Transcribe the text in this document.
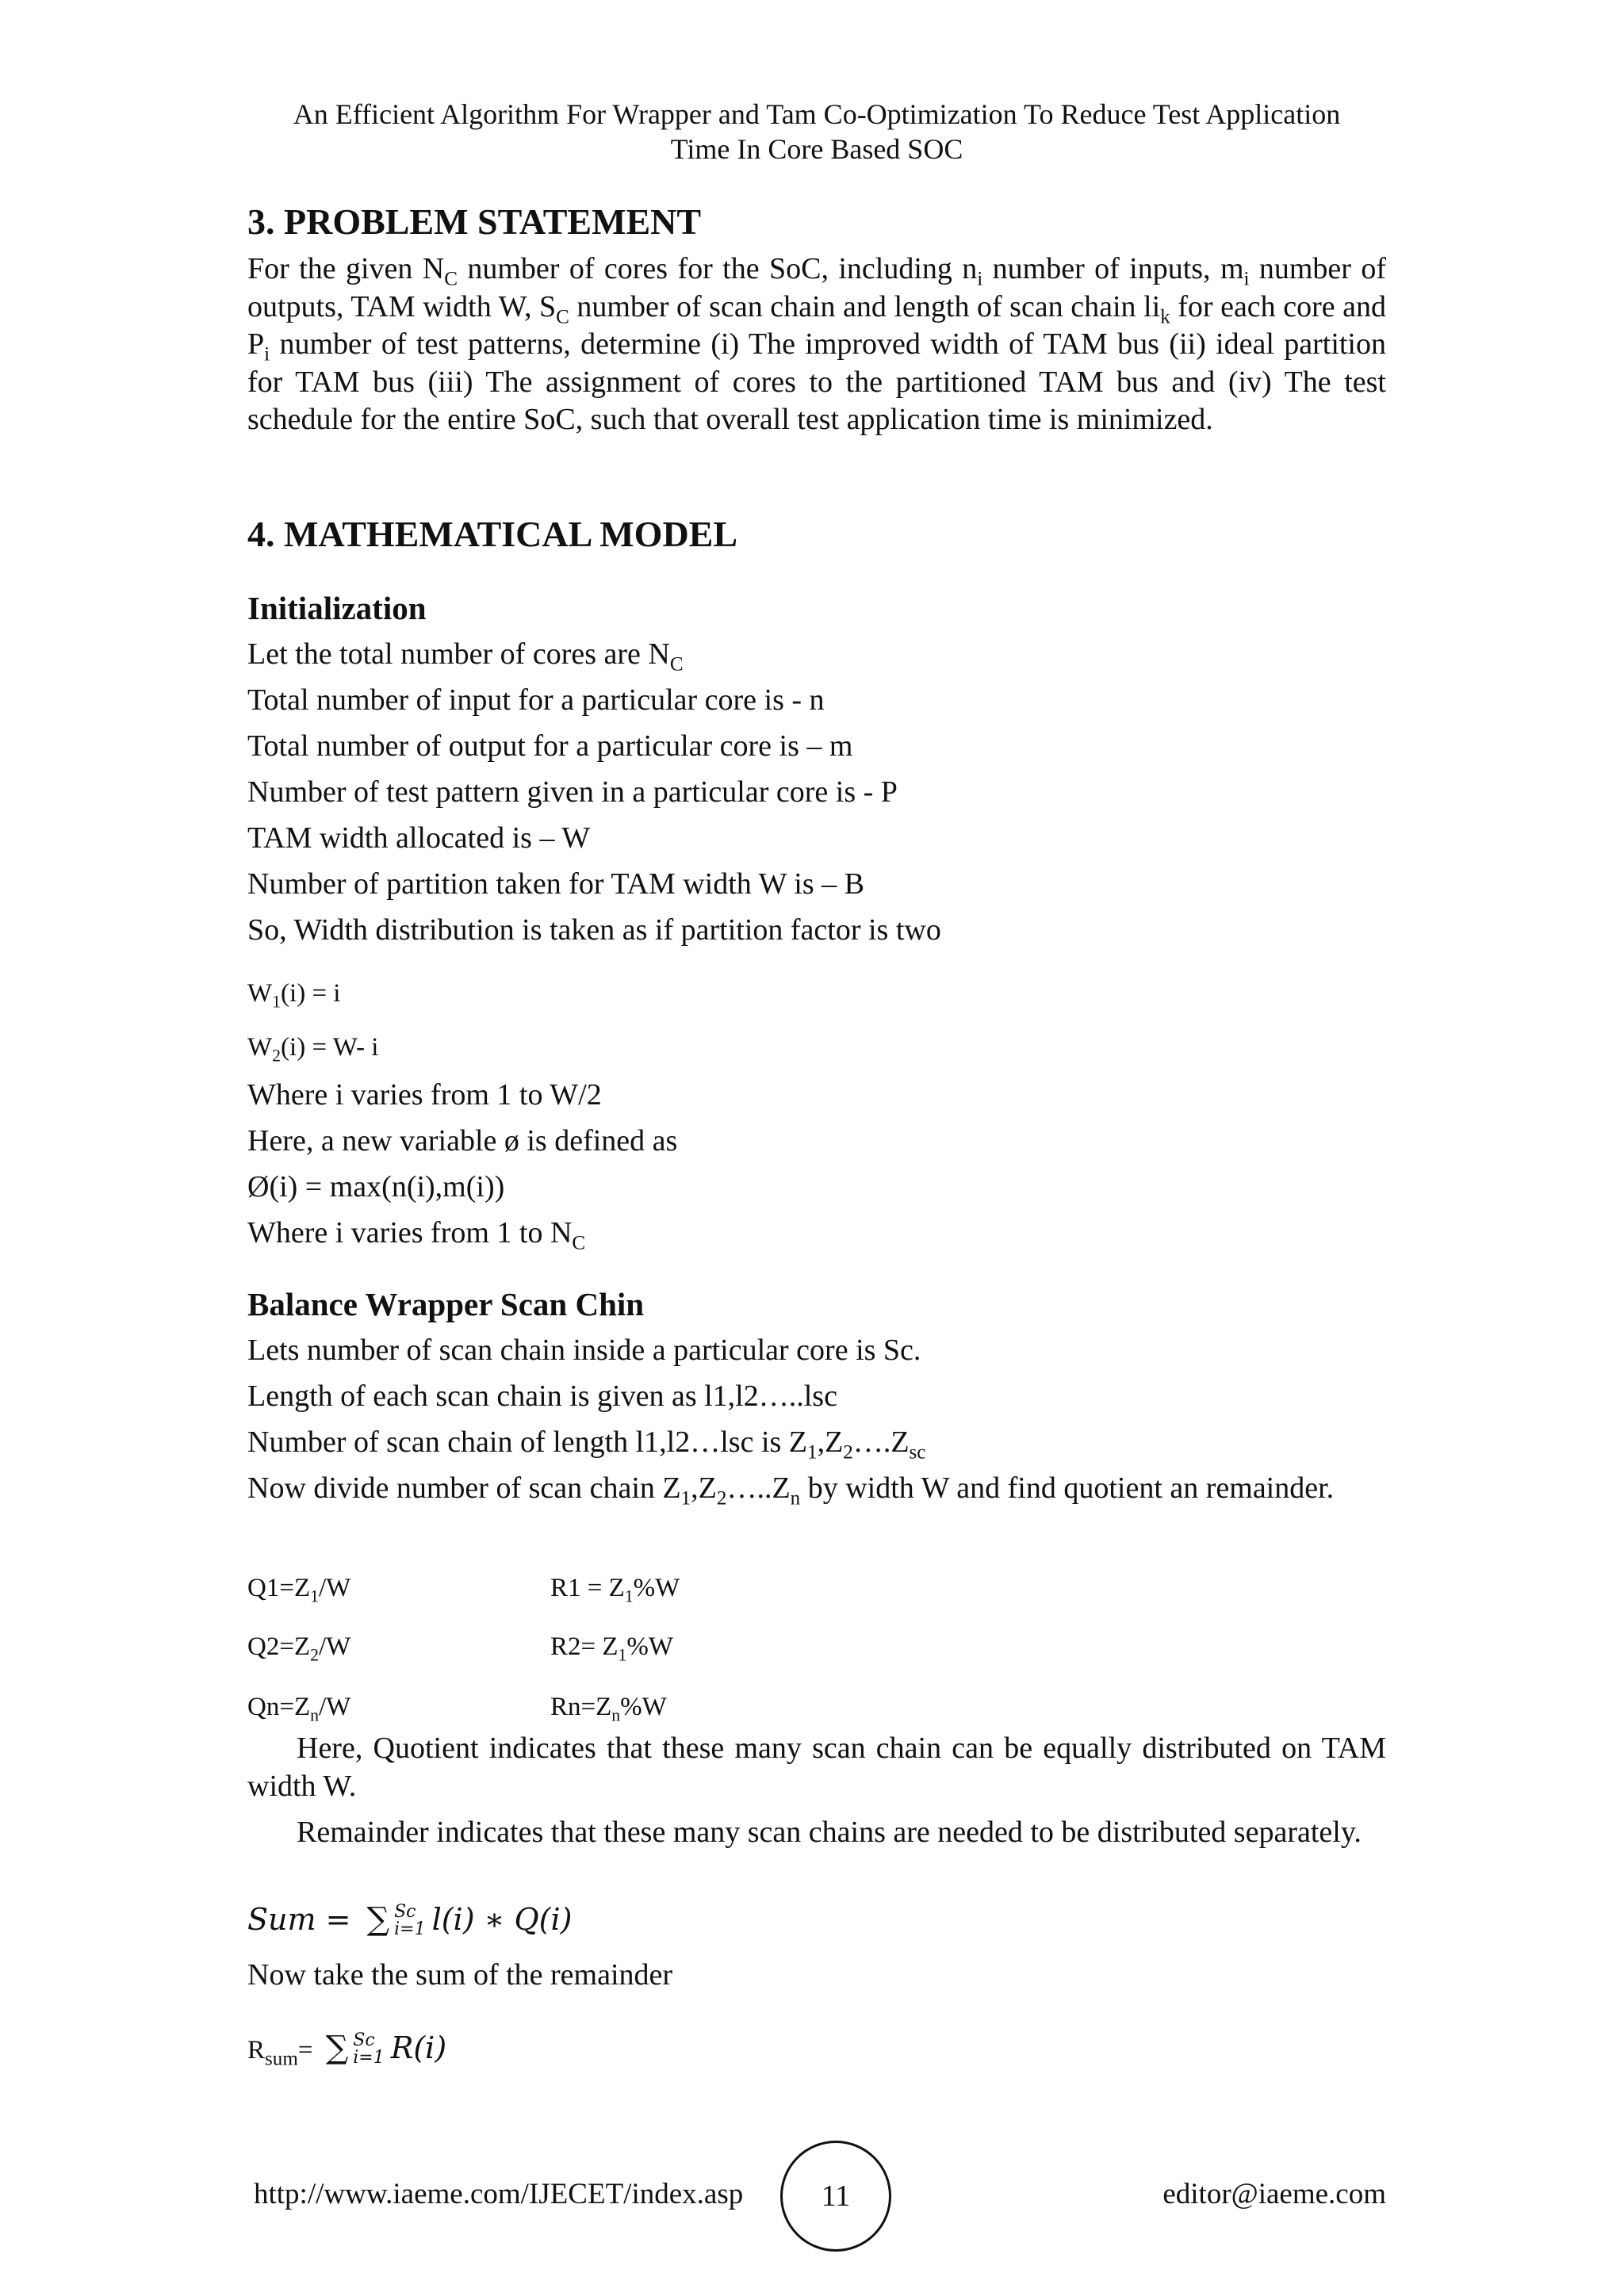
An Efficient Algorithm For Wrapper and Tam Co-Optimization To Reduce Test Application
Time In Core Based SOC
3. PROBLEM STATEMENT

For the given $N_C$ number of cores for the SoC, including $n_i$ number of inputs, $m_i$ number of outputs, TAM width W, $S_C$ number of scan chain and length of scan chain $li_k$ for each core and $P_i$ number of test patterns, determine (i) The improved width of TAM bus (ii) ideal partition for TAM bus (iii) The assignment of cores to the partitioned TAM bus and (iv) The test schedule for the entire SoC, such that overall test application time is minimized.

4. MATHEMATICAL MODEL
Initialization

Let the total number of cores are $N_C$

Total number of input for a particular core is - n

Total number of output for a particular core is – m

Number of test pattern given in a particular core is - P

TAM width allocated is – W

Number of partition taken for TAM width W is – B

So, Width distribution is taken as if partition factor is two

$W_1(i) = i$

$W_2(i) = W-$ i

Where i varies from 1 to W/2

Here, a new variable ø is defined as

Ø(i) = max(n(i),m(i))

Where i varies from 1 to $N_C$

Balance Wrapper Scan Chin

Lets number of scan chain inside a particular core is Sc.

Length of each scan chain is given as l1,l2…..lsc

Number of scan chain of length l1,l2…lsc is $Z_1,Z_2\dots.Z_{sc}$

Now divide number of scan chain $Z_1,Z_2\dots..Z_n$ by width W and find quotient an remainder.

$Q1=Z_1/W$	$R1 = Z_1\%W$

$Q2=Z_2/W$	$R2= Z_1\%W$

$Qn=Z_n/W$	$Rn=Z_n\%W$

Here, Quotient indicates that these many scan chain can be equally distributed on TAM width W.

Remainder indicates that these many scan chains are needed to be distributed separately.

Sum = ∑ Sc
i=1 l(i) ∗ Q(i)

Now take the sum of the remainder

$R_{sum}=$ ∑ Sc
i=1 R(i)

http://www.iaeme.com/IJECET/index.asp	11	editor@iaeme.com
